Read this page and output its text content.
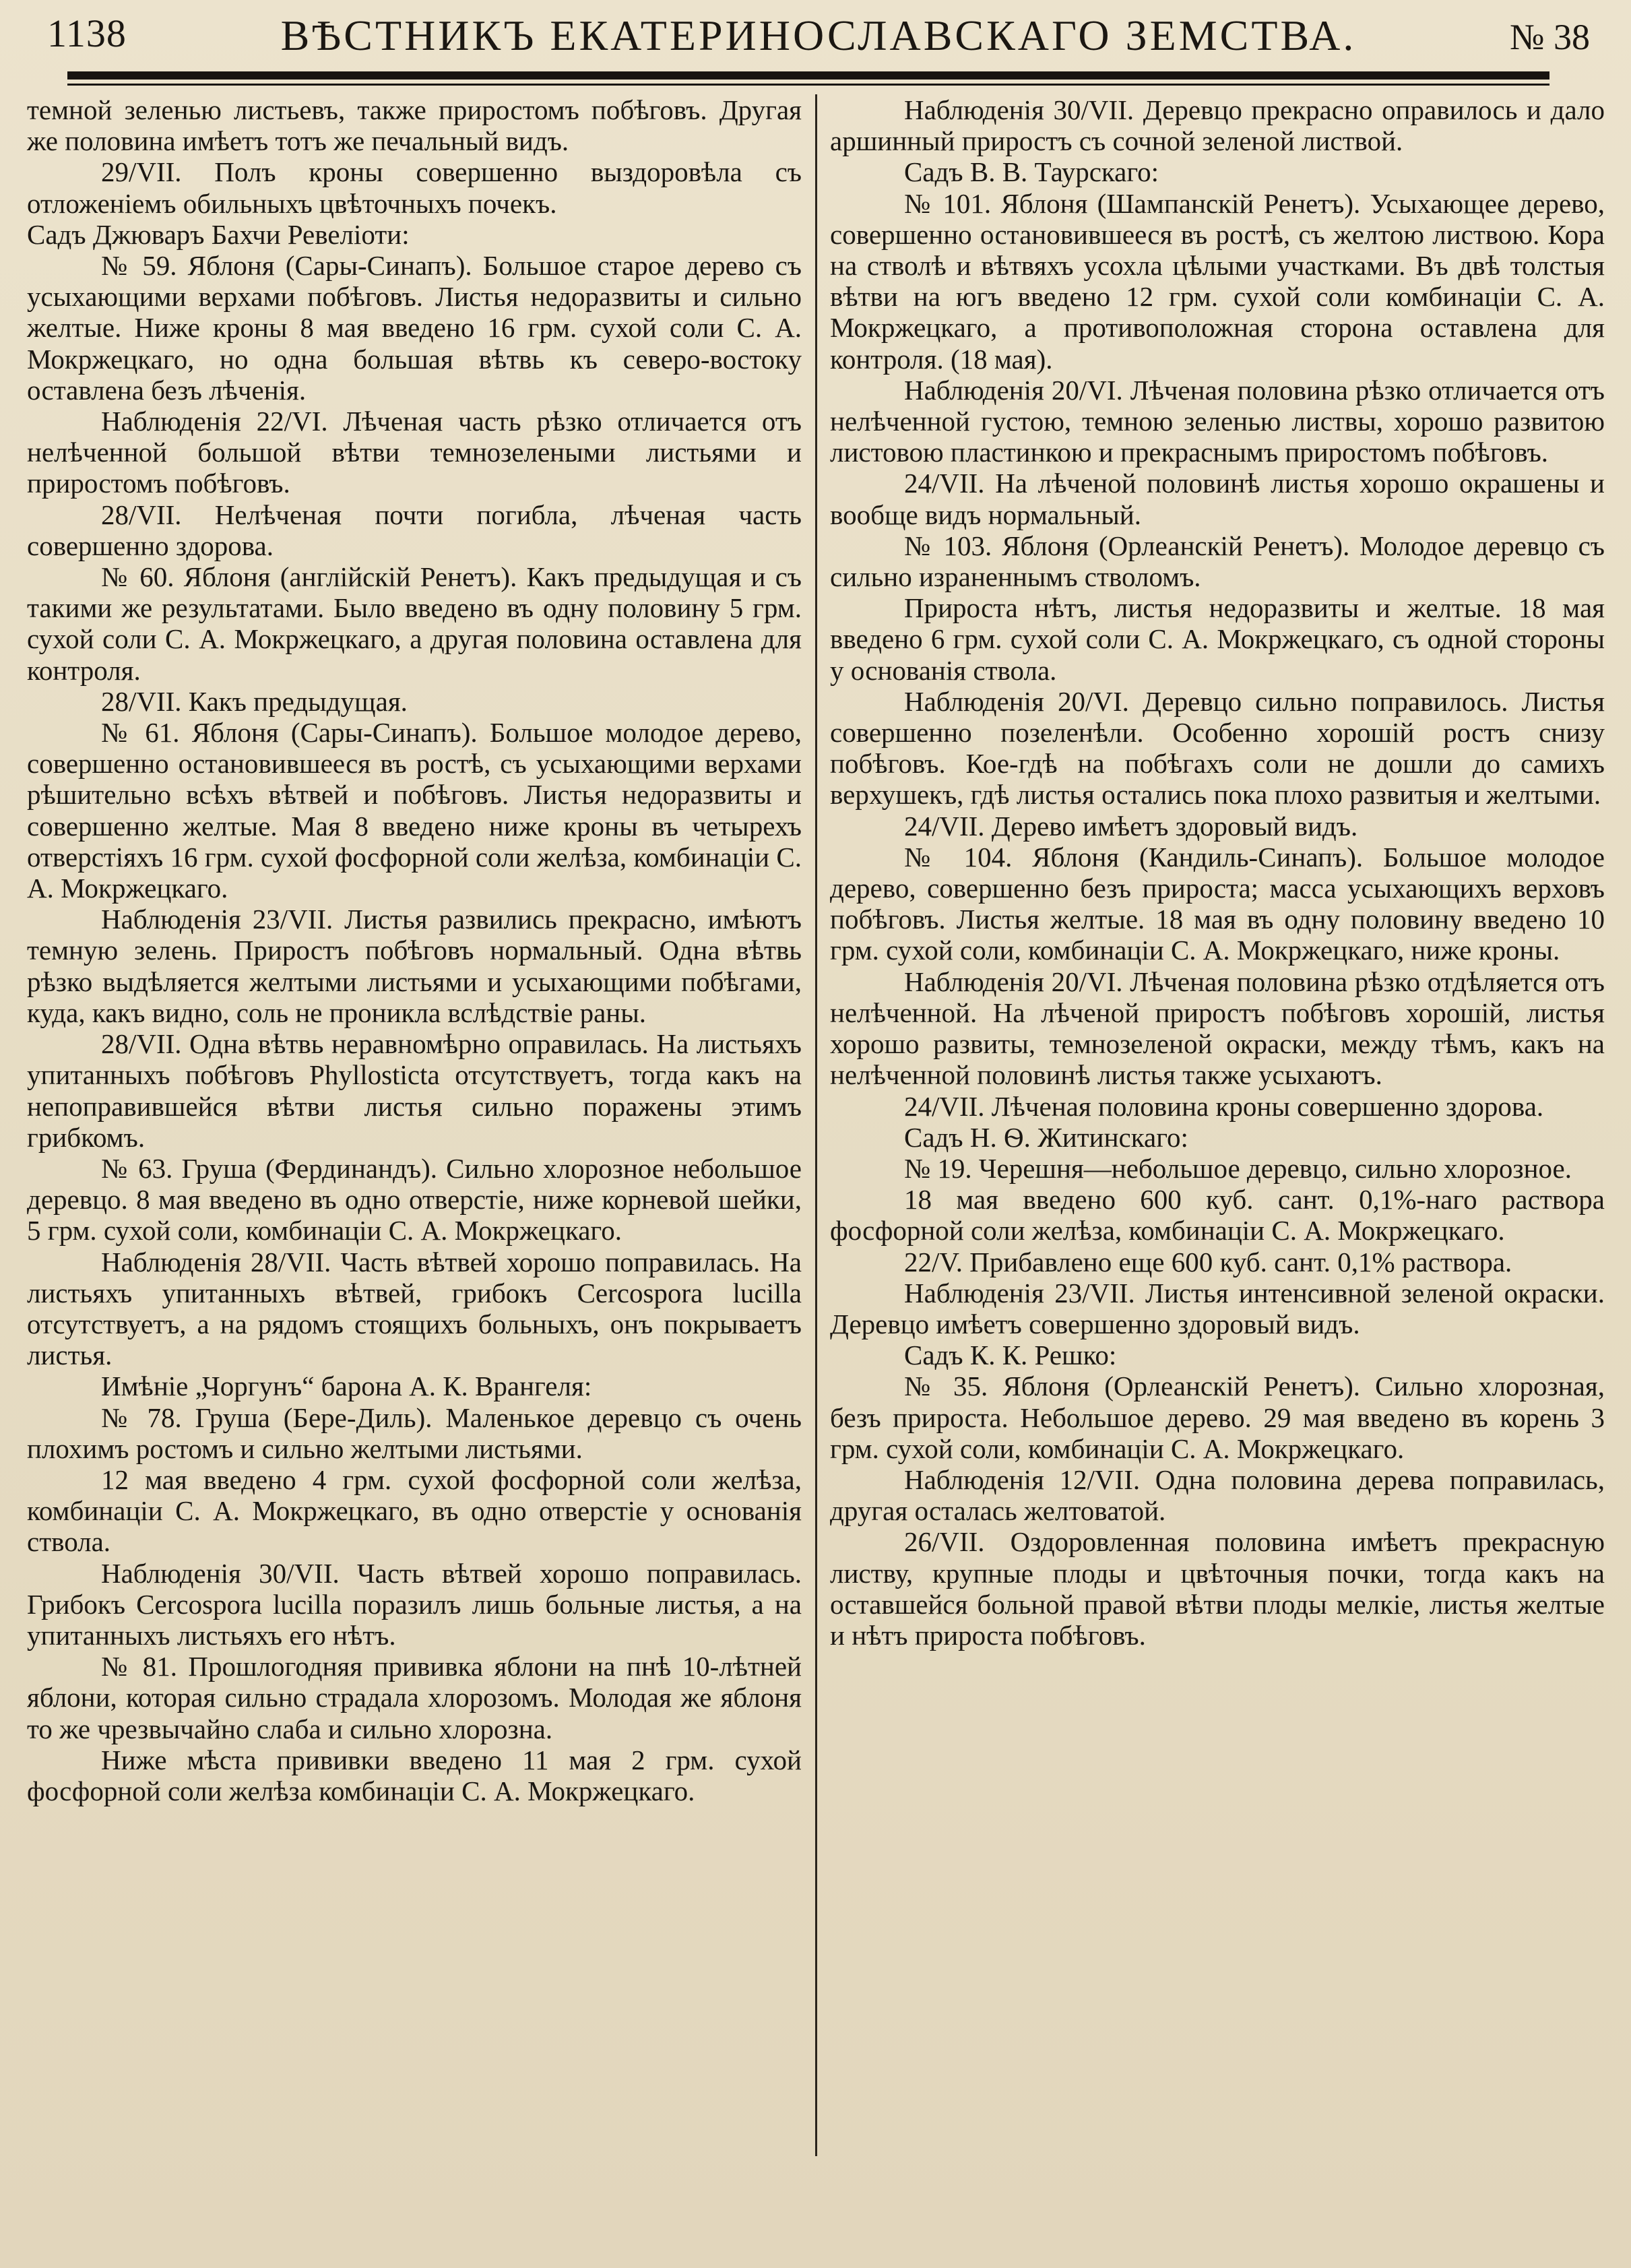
1138	ВѢСТНИКЪ ЕКАТЕРИНОСЛАВСКАГО ЗЕМСТВА.	№ 38

темной зеленью листьевъ, также приростомъ побѣговъ. Другая же половина имѣетъ тотъ же печальный видъ.

29/VII. Полъ кроны совершенно выздоровѣла съ отложеніемъ обильныхъ цвѣточныхъ почекъ.

Садъ Джюваръ Бахчи Ревеліоти:

№ 59. Яблоня (Сары-Синапъ). Большое старое дерево съ усыхающими верхами побѣговъ. Листья недоразвиты и сильно желтые. Ниже кроны 8 мая введено 16 грм. сухой соли С. А. Мокржецкаго, но одна большая вѣтвь къ северо-востоку оставлена безъ лѣченія.

Наблюденія 22/VI. Лѣченая часть рѣзко отличается отъ нелѣченной большой вѣтви темнозелеными листьями и приростомъ побѣговъ.

28/VII. Нелѣченая почти погибла, лѣченая часть совершенно здорова.

№ 60. Яблоня (англійскій Ренетъ). Какъ предыдущая и съ такими же результатами. Было введено въ одну половину 5 грм. сухой соли С. А. Мокржецкаго, а другая половина оставлена для контроля.

28/VII. Какъ предыдущая.

№ 61. Яблоня (Сары-Синапъ). Большое молодое дерево, совершенно остановившееся въ ростѣ, съ усыхающими верхами рѣшительно всѣхъ вѣтвей и побѣговъ. Листья недоразвиты и совершенно желтые. Мая 8 введено ниже кроны въ четырехъ отверстіяхъ 16 грм. сухой фосфорной соли желѣза, комбинаціи С. А. Мокржецкаго.

Наблюденія 23/VII. Листья развились прекрасно, имѣютъ темную зелень. Приростъ побѣговъ нормальный. Одна вѣтвь рѣзко выдѣляется желтыми листьями и усыхающими побѣгами, куда, какъ видно, соль не проникла вслѣдствіе раны.

28/VII. Одна вѣтвь неравномѣрно оправилась. На листьяхъ упитанныхъ побѣговъ Phyllosticta отсутствуетъ, тогда какъ на непоправившейся вѣтви листья сильно поражены этимъ грибкомъ.

№ 63. Груша (Фердинандъ). Сильно хлорозное небольшое деревцо. 8 мая введено въ одно отверстіе, ниже корневой шейки, 5 грм. сухой соли, комбинаціи С. А. Мокржецкаго.

Наблюденія 28/VII. Часть вѣтвей хорошо поправилась. На листьяхъ упитанныхъ вѣтвей, грибокъ Cercospora lucilla отсутствуетъ, а на рядомъ стоящихъ больныхъ, онъ покрываетъ листья.

Имѣніе „Чоргунъ“ барона А. К. Врангеля:

№ 78. Груша (Бере-Диль). Маленькое деревцо съ очень плохимъ ростомъ и сильно желтыми листьями.

12 мая введено 4 грм. сухой фосфорной соли желѣза, комбинаціи С. А. Мокржецкаго, въ одно отверстіе у основанія ствола.

Наблюденія 30/VII. Часть вѣтвей хорошо поправилась. Грибокъ Cercospora lucilla поразилъ лишь больные листья, а на упитанныхъ листьяхъ его нѣтъ.

№ 81. Прошлогодняя прививка яблони на пнѣ 10-лѣтней яблони, которая сильно страдала хлорозомъ. Молодая же яблоня то же чрезвычайно слаба и сильно хлорозна.

Ниже мѣста прививки введено 11 мая 2 грм. сухой фосфорной соли желѣза комбинаціи С. А. Мокржецкаго.

Наблюденія 30/VII. Деревцо прекрасно оправилось и дало аршинный приростъ съ сочной зеленой листвой.

Садъ В. В. Таурскаго:

№ 101. Яблоня (Шампанскій Ренетъ). Усыхающее дерево, совершенно остановившееся въ ростѣ, съ желтою листвою. Кора на стволѣ и вѣтвяхъ усохла цѣлыми участками. Въ двѣ толстыя вѣтви на югъ введено 12 грм. сухой соли комбинаціи С. А. Мокржецкаго, а противоположная сторона оставлена для контроля. (18 мая).

Наблюденія 20/VI. Лѣченая половина рѣзко отличается отъ нелѣченной густою, темною зеленью листвы, хорошо развитою листовою пластинкою и прекраснымъ приростомъ побѣговъ.

24/VII. На лѣченой половинѣ листья хорошо окрашены и вообще видъ нормальный.

№ 103. Яблоня (Орлеанскій Ренетъ). Молодое деревцо съ сильно израненнымъ стволомъ.

Прироста нѣтъ, листья недоразвиты и желтые. 18 мая введено 6 грм. сухой соли С. А. Мокржецкаго, съ одной стороны у основанія ствола.

Наблюденія 20/VI. Деревцо сильно поправилось. Листья совершенно позеленѣли. Особенно хорошій ростъ снизу побѣговъ. Кое-гдѣ на побѣгахъ соли не дошли до самихъ верхушекъ, гдѣ листья остались пока плохо развитыя и желтыми.

24/VII. Дерево имѣетъ здоровый видъ.

№ 104. Яблоня (Кандиль-Синапъ). Большое молодое дерево, совершенно безъ прироста; масса усыхающихъ верховъ побѣговъ. Листья желтые. 18 мая въ одну половину введено 10 грм. сухой соли, комбинаціи С. А. Мокржецкаго, ниже кроны.

Наблюденія 20/VI. Лѣченая половина рѣзко отдѣляется отъ нелѣченной. На лѣченой приростъ побѣговъ хорошій, листья хорошо развиты, темнозеленой окраски, между тѣмъ, какъ на нелѣченной половинѣ листья также усыхаютъ.

24/VII. Лѣченая половина кроны совершенно здорова.

Садъ Н. Ѳ. Житинскаго:

№ 19. Черешня—небольшое деревцо, сильно хлорозное.

18 мая введено 600 куб. сант. 0,1%-наго раствора фосфорной соли желѣза, комбинаціи С. А. Мокржецкаго.

22/V. Прибавлено еще 600 куб. сант. 0,1% раствора.

Наблюденія 23/VII. Листья интенсивной зеленой окраски. Деревцо имѣетъ совершенно здоровый видъ.

Садъ К. К. Решко:

№ 35. Яблоня (Орлеанскій Ренетъ). Сильно хлорозная, безъ прироста. Небольшое дерево. 29 мая введено въ корень 3 грм. сухой соли, комбинаціи С. А. Мокржецкаго.

Наблюденія 12/VII. Одна половина дерева поправилась, другая осталась желтоватой.

26/VII. Оздоровленная половина имѣетъ прекрасную листву, крупные плоды и цвѣточныя почки, тогда какъ на оставшейся больной правой вѣтви плоды мелкіе, листья желтые и нѣтъ прироста побѣговъ.
